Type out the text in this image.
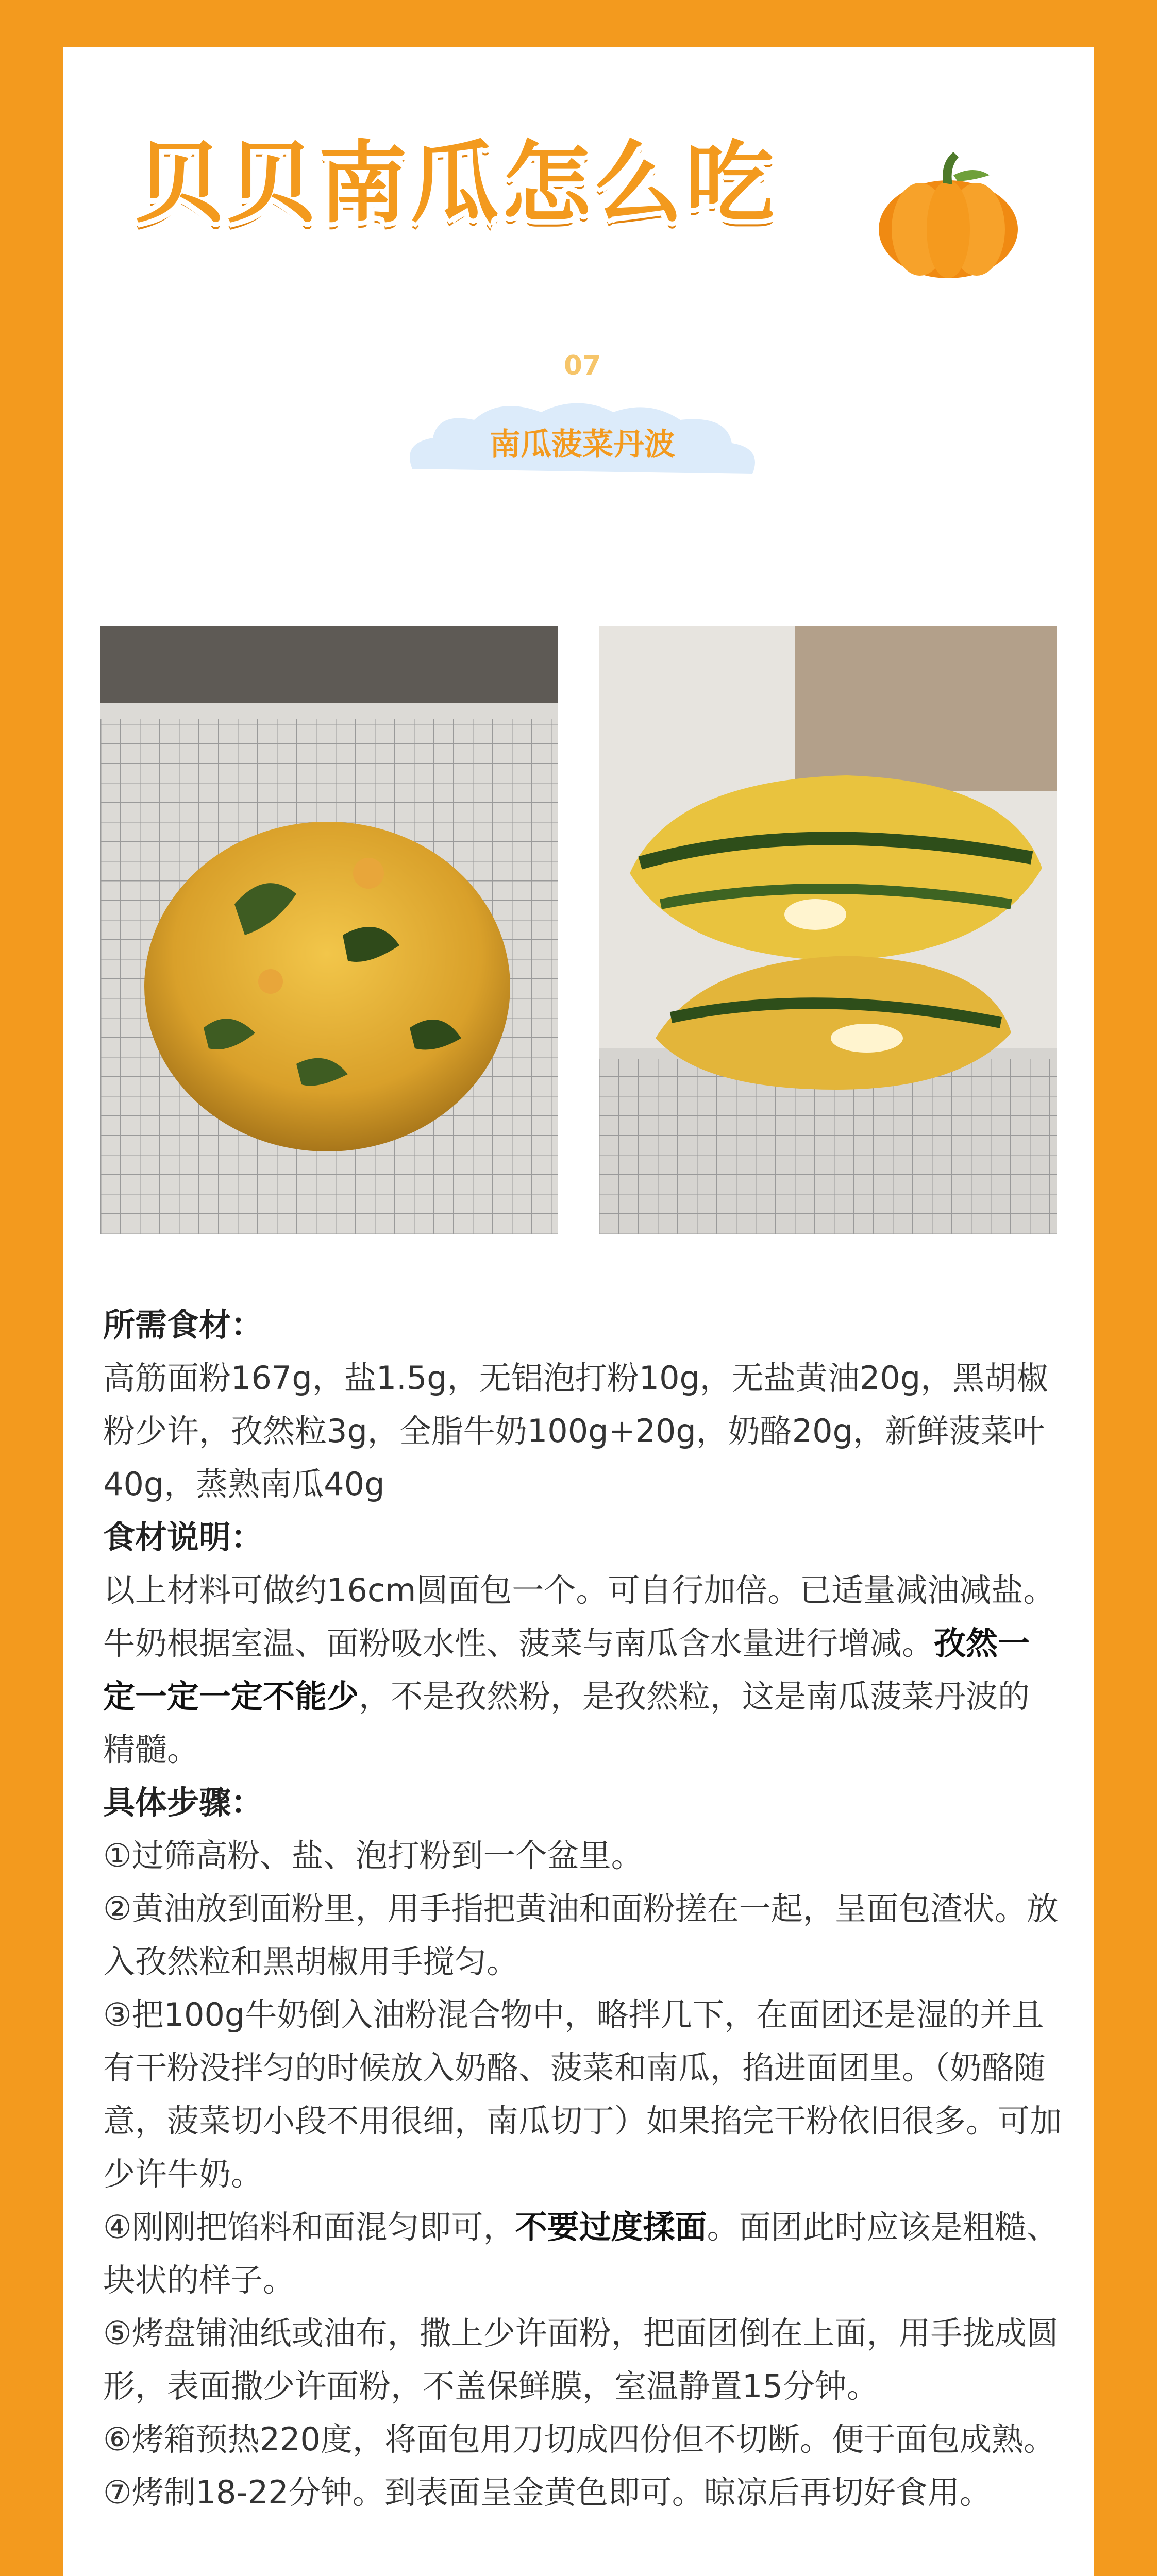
贝贝南瓜怎么吃
07
南瓜菠菜丹波

所需食材：

高筋面粉167g，盐1.5g，无铝泡打粉10g，无盐黄油20g，黑胡椒粉少许，孜然粒3g，全脂牛奶100g+20g，奶酪20g，新鲜菠菜叶40g，蒸熟南瓜40g

食材说明：

以上材料可做约16cm圆面包一个。可自行加倍。已适量减油减盐。牛奶根据室温、面粉吸水性、菠菜与南瓜含水量进行增减。孜然一定一定一定不能少，不是孜然粉，是孜然粒，这是南瓜菠菜丹波的精髓。

具体步骤：

①过筛高粉、盐、泡打粉到一个盆里。

②黄油放到面粉里，用手指把黄油和面粉搓在一起，呈面包渣状。放入孜然粒和黑胡椒用手搅匀。

③把100g牛奶倒入油粉混合物中，略拌几下，在面团还是湿的并且有干粉没拌匀的时候放入奶酪、菠菜和南瓜，掐进面团里。（奶酪随意，菠菜切小段不用很细，南瓜切丁）如果掐完干粉依旧很多。可加少许牛奶。

④刚刚把馅料和面混匀即可，不要过度揉面。面团此时应该是粗糙、块状的样子。

⑤烤盘铺油纸或油布，撒上少许面粉，把面团倒在上面，用手拢成圆形，表面撒少许面粉，不盖保鲜膜，室温静置15分钟。

⑥烤箱预热220度，将面包用刀切成四份但不切断。便于面包成熟。

⑦烤制18-22分钟。到表面呈金黄色即可。晾凉后再切好食用。
